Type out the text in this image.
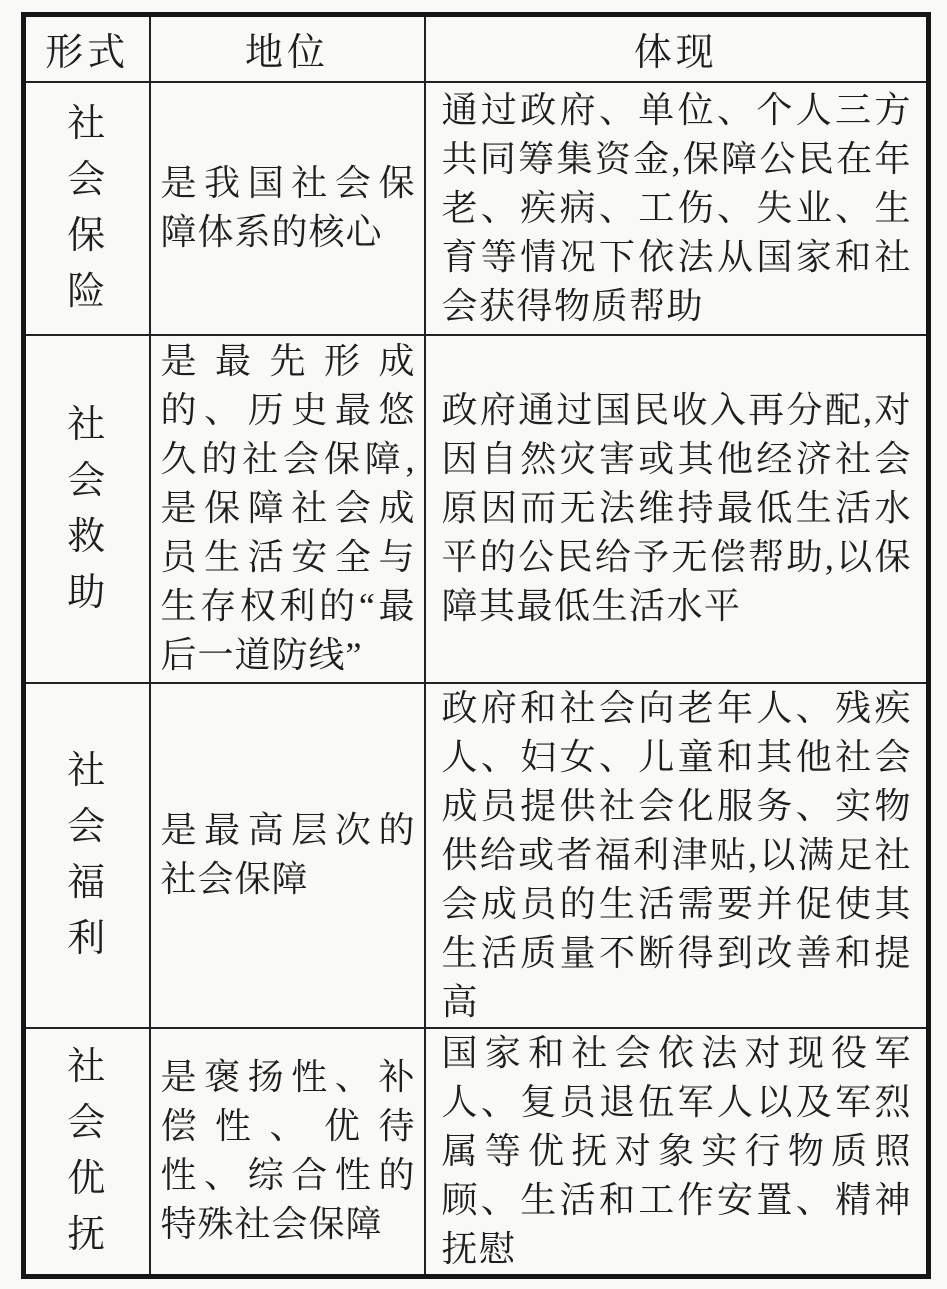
形式	地位	体现
社会保险	是我国社会保障体系的核心	通过政府、单位、个人三方共同筹集资金,保障公民在年老、疾病、工伤、失业、生育等情况下依法从国家和社会获得物质帮助
社会救助	是最先形成的、历史最悠久的社会保障,是保障社会成员生活安全与生存权利的“最后一道防线”	政府通过国民收入再分配,对因自然灾害或其他经济社会原因而无法维持最低生活水平的公民给予无偿帮助,以保障其最低生活水平
社会福利	是最高层次的社会保障	政府和社会向老年人、残疾人、妇女、儿童和其他社会成员提供社会化服务、实物供给或者福利津贴,以满足社会成员的生活需要并促使其生活质量不断得到改善和提高
社会优抚	是褒扬性、补偿性、优待性、综合性的特殊社会保障	国家和社会依法对现役军人、复员退伍军人以及军烈属等优抚对象实行物质照顾、生活和工作安置、精神抚慰
